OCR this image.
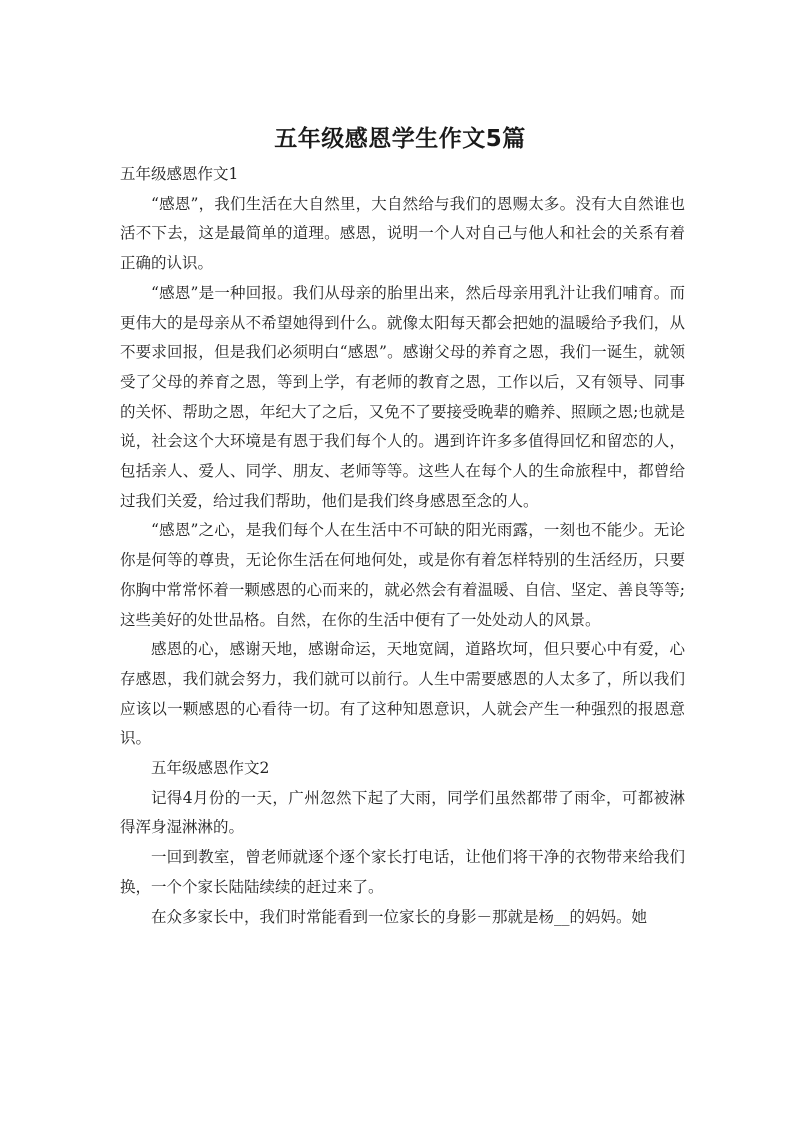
五年级感恩学生作文5篇

五年级感恩作文1

“感恩”，我们生活在大自然里，大自然给与我们的恩赐太多。没有大自然谁也活不下去，这是最简单的道理。感恩，说明一个人对自己与他人和社会的关系有着正确的认识。

“感恩”是一种回报。我们从母亲的胎里出来，然后母亲用乳汁让我们哺育。而更伟大的是母亲从不希望她得到什么。就像太阳每天都会把她的温暖给予我们，从不要求回报，但是我们必须明白“感恩”。感谢父母的养育之恩，我们一诞生，就领受了父母的养育之恩，等到上学，有老师的教育之恩，工作以后，又有领导、同事的关怀、帮助之恩，年纪大了之后，又免不了要接受晚辈的赡养、照顾之恩;也就是说，社会这个大环境是有恩于我们每个人的。遇到许许多多值得回忆和留恋的人，包括亲人、爱人、同学、朋友、老师等等。这些人在每个人的生命旅程中，都曾给过我们关爱，给过我们帮助，他们是我们终身感恩至念的人。

“感恩”之心，是我们每个人在生活中不可缺的阳光雨露，一刻也不能少。无论你是何等的尊贵，无论你生活在何地何处，或是你有着怎样特别的生活经历，只要你胸中常常怀着一颗感恩的心而来的，就必然会有着温暖、自信、坚定、善良等等;这些美好的处世品格。自然，在你的生活中便有了一处处动人的风景。

感恩的心，感谢天地，感谢命运，天地宽阔，道路坎坷，但只要心中有爱，心存感恩，我们就会努力，我们就可以前行。人生中需要感恩的人太多了，所以我们应该以一颗感恩的心看待一切。有了这种知恩意识，人就会产生一种强烈的报恩意识。

五年级感恩作文2

记得4月份的一天，广州忽然下起了大雨，同学们虽然都带了雨伞，可都被淋得浑身湿淋淋的。

一回到教室，曾老师就逐个逐个家长打电话，让他们将干净的衣物带来给我们换，一个个家长陆陆续续的赶过来了。

在众多家长中，我们时常能看到一位家长的身影－那就是杨__的妈妈。她
